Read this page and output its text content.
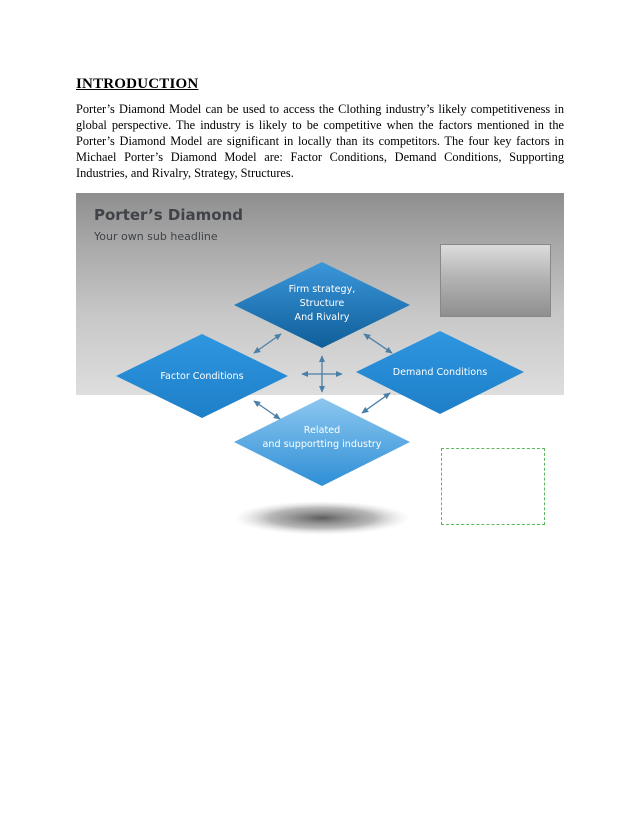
INTRODUCTION

Porter’s Diamond Model can be used to access the Clothing industry’s likely competitiveness in global perspective. The industry is likely to be competitive when the factors mentioned in the Porter’s Diamond Model are significant in locally than its competitors. The four key factors in Michael Porter’s Diamond Model are: Factor Conditions, Demand Conditions, Supporting Industries, and Rivalry, Strategy, Structures.

Porter’s Diamond
Your own sub headline
Firm strategy,
Structure
And Rivalry
Factor Conditions	Demand Conditions
Related
and supportting industry
